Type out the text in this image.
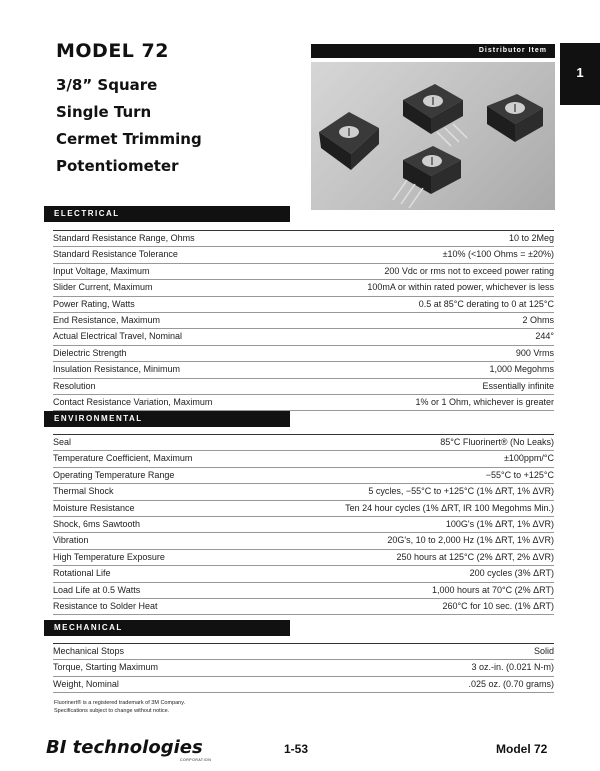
MODEL 72
3/8” Square
Single Turn
Cermet Trimming
Potentiometer
Distributor Item
1
ELECTRICAL
Standard Resistance Range, Ohms	10 to 2Meg
Standard Resistance Tolerance	±10% (<100 Ohms = ±20%)
Input Voltage, Maximum	200 Vdc or rms not to exceed power rating
Slider Current, Maximum	100mA or within rated power, whichever is less
Power Rating, Watts	0.5 at 85°C derating to 0 at 125°C
End Resistance, Maximum	2 Ohms
Actual Electrical Travel, Nominal	244°
Dielectric Strength	900 Vrms
Insulation Resistance, Minimum	1,000 Megohms
Resolution	Essentially infinite
Contact Resistance Variation, Maximum	1% or 1 Ohm, whichever is greater
ENVIRONMENTAL
Seal	85°C Fluorinert® (No Leaks)
Temperature Coefficient, Maximum	±100ppm/°C
Operating Temperature Range	−55°C to +125°C
Thermal Shock	5 cycles, −55°C to +125°C (1% ΔRT, 1% ΔVR)
Moisture Resistance	Ten 24 hour cycles (1% ΔRT, IR 100 Megohms Min.)
Shock, 6ms Sawtooth	100G's (1% ΔRT, 1% ΔVR)
Vibration	20G's, 10 to 2,000 Hz (1% ΔRT, 1% ΔVR)
High Temperature Exposure	250 hours at 125°C (2% ΔRT, 2% ΔVR)
Rotational Life	200 cycles (3% ΔRT)
Load Life at 0.5 Watts	1,000 hours at 70°C (2% ΔRT)
Resistance to Solder Heat	260°C for 10 sec. (1% ΔRT)
MECHANICAL
Mechanical Stops	Solid
Torque, Starting Maximum	3 oz.-in. (0.021 N-m)
Weight, Nominal	.025 oz. (0.70 grams)
Fluorinert® is a registered trademark of 3M Company.
Specifications subject to change without notice.
BI technologies
CORPORATION
1-53	Model 72
